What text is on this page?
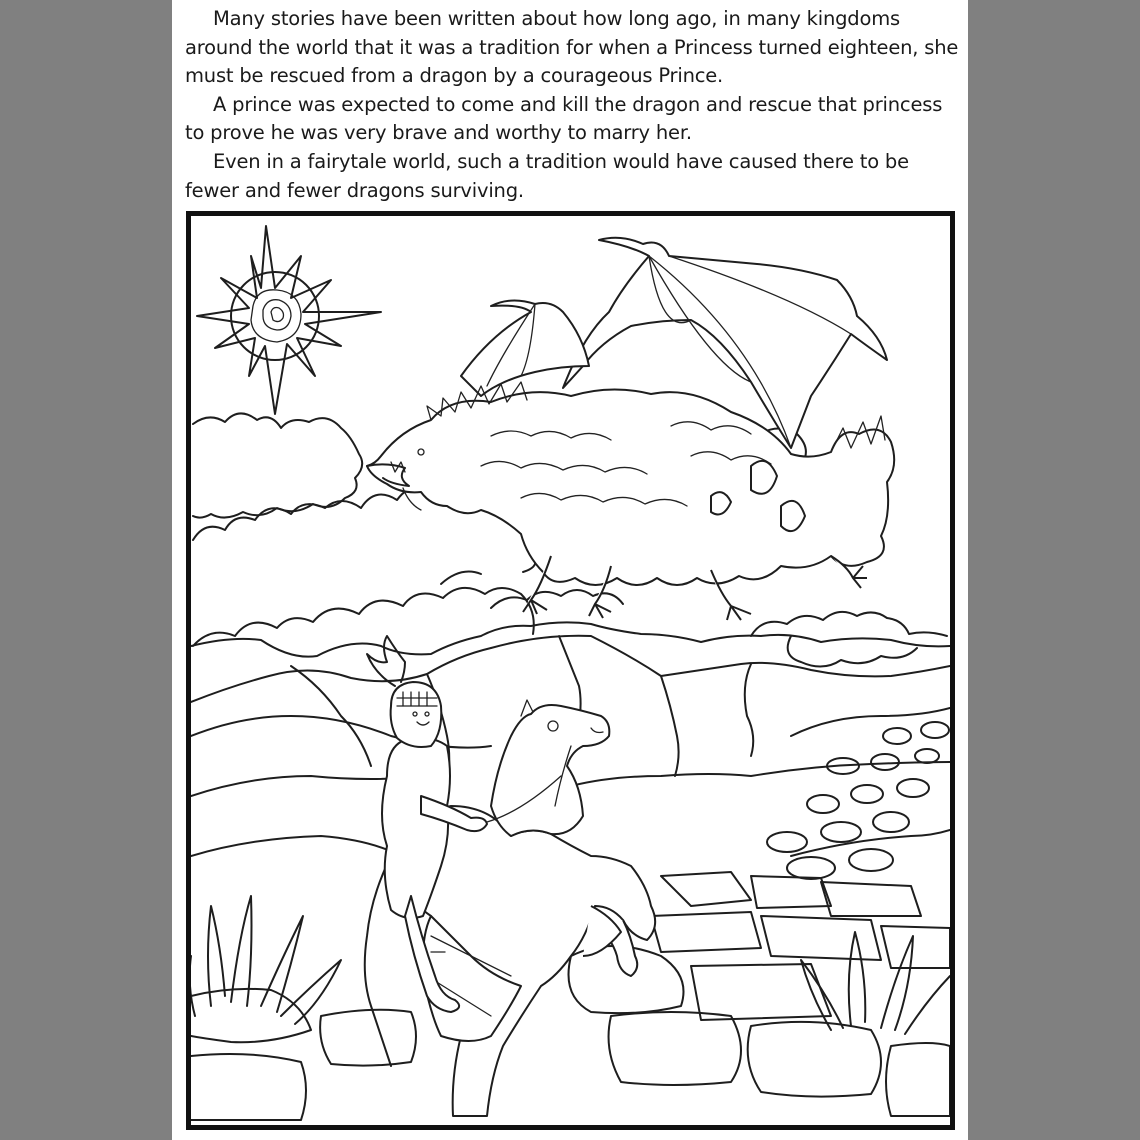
Many stories have been written about how long ago, in many kingdoms around the world that it was a tradition for when a Princess turned eighteen, she must be rescued from a dragon by a courageous Prince.

A prince was expected to come and kill the dragon and rescue that princess to prove he was very brave and worthy to marry her.

Even in a fairytale world, such a tradition would have caused there to be fewer and fewer dragons surviving.
